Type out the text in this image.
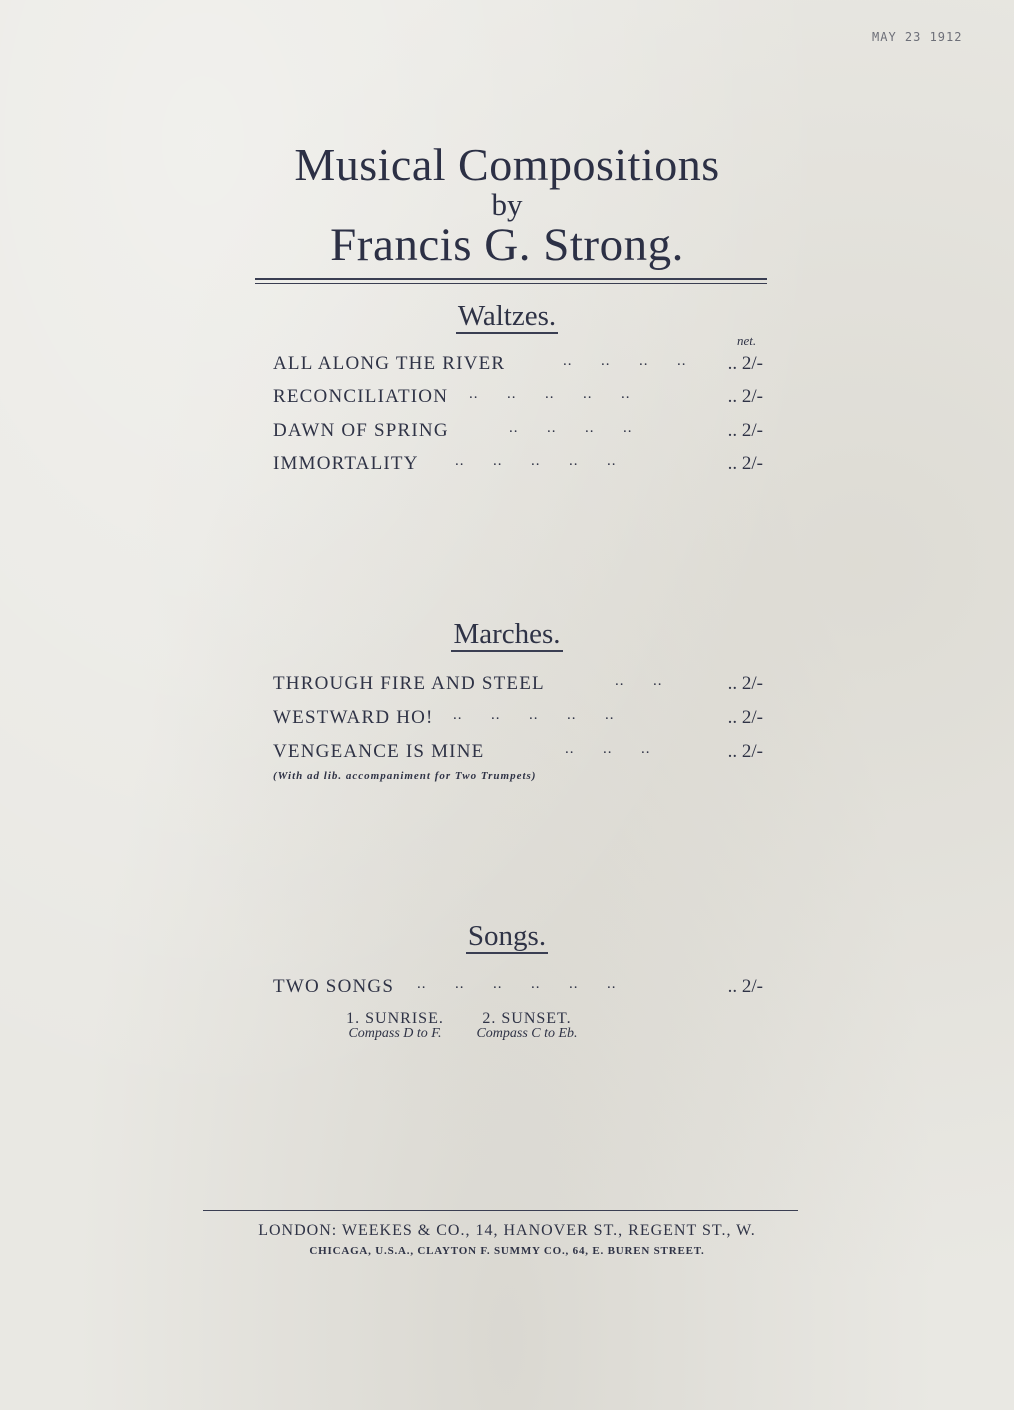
MAY 23 1912
Musical Compositions
by
Francis G. Strong.
Waltzes.
net.
ALL ALONG THE RIVER	..      ..      ..      .. .. 2/-
RECONCILIATION ..      ..      ..      ..      ..	.. 2/-
DAWN OF SPRING	..      ..      ..      ..	.. 2/-
IMMORTALITY ..      ..      ..      ..      ..	.. 2/-
Marches.
THROUGH FIRE AND STEEL	..      ..	.. 2/-
WESTWARD HO! ..      ..      ..      ..      ..	.. 2/-
VENGEANCE IS MINE	..      ..      ..	.. 2/-
(With ad lib. accompaniment for Two Trumpets)
Songs.
TWO SONGS ..      ..      ..      ..      ..      ..	.. 2/-
1. SUNRISE.
Compass D to F.
2. SUNSET.
Compass C to Eb.
LONDON: WEEKES & CO., 14, HANOVER ST., REGENT ST., W.
CHICAGA, U.S.A., CLAYTON F. SUMMY CO., 64, E. BUREN STREET.
